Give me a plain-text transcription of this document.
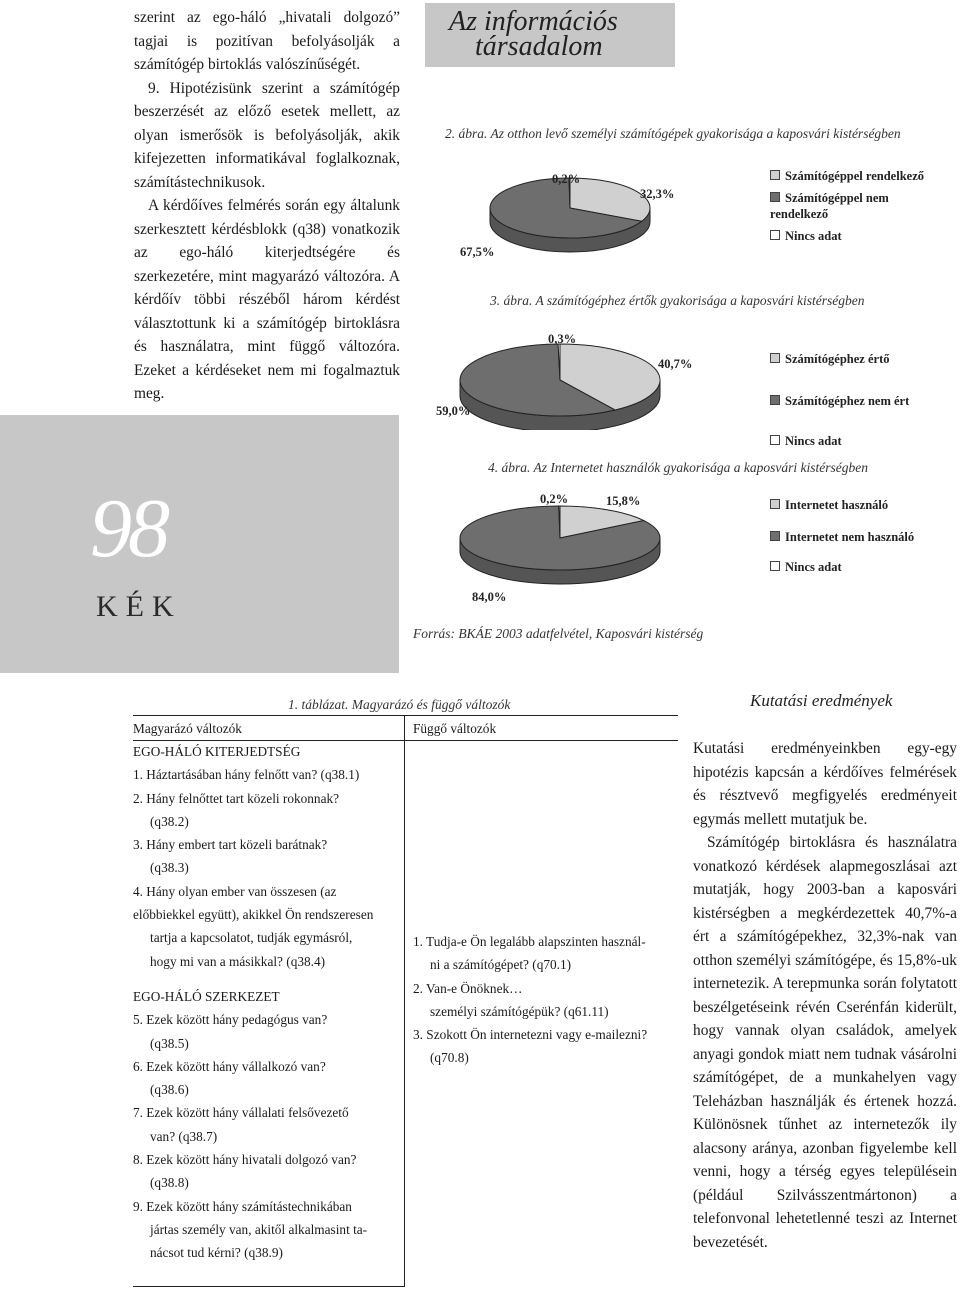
szerint az ego-háló „hivatali dolgozó” tagjai is pozitívan befolyásolják a számítógép birtoklás valószínűségét.

9. Hipotézisünk szerint a számítógép beszerzését az előző esetek mellett, az olyan ismerősök is befolyásolják, akik kifejezetten informatikával foglalkoznak, számítástechnikusok.

A kérdőíves felmérés során egy általunk szerkesztett kérdésblokk (q38) vonatkozik az ego-háló kiterjedtségére és szerkezetére, mint magyarázó változóra. A kérdőív többi részéből három kérdést választottunk ki a számítógép birtoklásra és használatra, mint függő változóra. Ezeket a kérdéseket nem mi fogalmaztuk meg.

98
KÉK
Az információs
társadalom
2. ábra. Az otthon levő személyi számítógépek gyakorisága a kaposvári kistérségben
0,2%
32,3%
67,5%
Számítógéppel rendelkező
Számítógéppel nem rendelkező
Nincs adat
3. ábra. A számítógéphez értők gyakorisága a kaposvári kistérségben
0,3%
40,7%
59,0%
Számítógéphez értő
Számítógéphez nem ért
Nincs adat
4. ábra. Az Internetet használók gyakorisága a kaposvári kistérségben
0,2%	15,8%
84,0%
Internetet használó
Internetet nem használó
Nincs adat
Forrás: BKÁE 2003 adatfelvétel, Kaposvári kistérség
1. táblázat. Magyarázó és függő változók
Magyarázó változók	Függő változók

EGO-HÁLÓ KITERJEDTSÉG

1. Háztartásában hány felnőtt van? (q38.1)

2. Hány felnőttet tart közeli rokonnak?

(q38.2)

3. Hány embert tart közeli barátnak?

(q38.3)

4. Hány olyan ember van összesen (az előbbiekkel együtt), akikkel Ön rendszeresen

tartja a kapcsolatot, tudják egymásról,

hogy mi van a másikkal? (q38.4)

EGO-HÁLÓ SZERKEZET

5. Ezek között hány pedagógus van?

(q38.5)

6. Ezek között hány vállalkozó van?

(q38.6)

7. Ezek között hány vállalati felsővezető

van? (q38.7)

8. Ezek között hány hivatali dolgozó van?

(q38.8)

9. Ezek között hány számítástechnikában

jártas személy van, akitől alkalmasint ta-

nácsot tud kérni? (q38.9)

1. Tudja-e Ön legalább alapszinten használ-

ni a számítógépet? (q70.1)

2. Van-e Önöknek…

személyi számítógépük? (q61.11)

3. Szokott Ön internetezni vagy e-mailezni?

(q70.8)

Kutatási eredmények

Kutatási eredményeinkben egy-egy hipotézis kapcsán a kérdőíves felmérések és résztvevő megfigyelés eredményeit egymás mellett mutatjuk be.

Számítógép birtoklásra és használatra vonatkozó kérdések alapmegoszlásai azt mutatják, hogy 2003-ban a kaposvári kistérségben a megkérdezettek 40,7%-a ért a számítógépekhez, 32,3%-nak van otthon személyi számítógépe, és 15,8%-uk internetezik. A terepmunka során folytatott beszélgetéseink révén Cserénfán kiderült, hogy vannak olyan családok, amelyek anyagi gondok miatt nem tudnak vásárolni számítógépet, de a munkahelyen vagy Teleházban használják és értenek hozzá. Különösnek tűnhet az internetezők ily alacsony aránya, azonban figyelembe kell venni, hogy a térség egyes településein (például Szilvásszentmártonon) a telefonvonal lehetetlenné teszi az Internet bevezetését.
